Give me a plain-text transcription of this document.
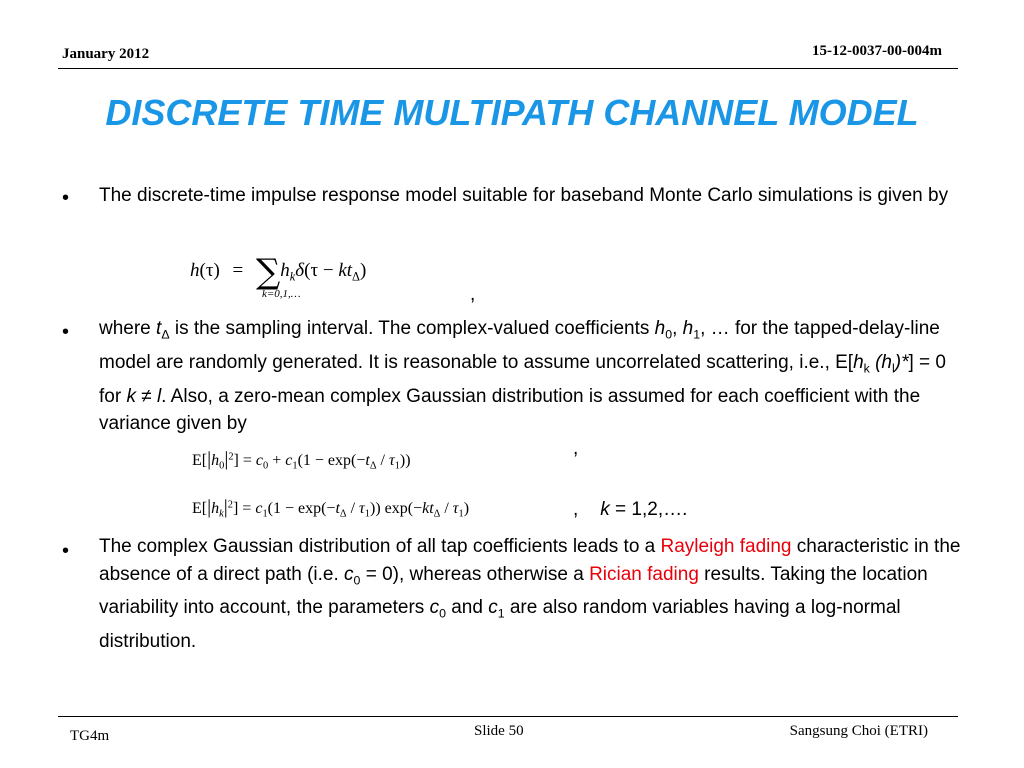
January 2012	15-12-0037-00-004m
DISCRETE TIME MULTIPATH CHANNEL MODEL
• The discrete-time impulse response model suitable for baseband Monte Carlo simulations is given by

$h(\tau) = \sum h_k\delta(\tau - kt_\Delta)$
k=0,1,…	,
• where $t_\Delta$ is the sampling interval. The complex-valued coefficients $h_0$, $h_1$, … for the tapped-delay-line model are randomly generated. It is reasonable to assume uncorrelated scattering, i.e., $E[h_k$ $(h_l)*] = 0$ for k ≠ l. Also, a zero-mean complex Gaussian distribution is assumed for each coefficient with the variance given by

$E[|h_0|^2] = c_0 + c_1(1 - \exp(-t_\Delta / \tau_1))$
,
$E[|h_k|^2] = c_1(1 - \exp(-t_\Delta / \tau_1))$ $\exp(-kt_\Delta / \tau_1)$	, k = 1,2,….
• The complex Gaussian distribution of all tap coefficients leads to a Rayleigh fading characteristic in the absence of a direct path (i.e. $c_0 = 0$), whereas otherwise a Rician fading results. Taking the location variability into account, the parameters $c_0$ and $c_1$ are also random variables having a log-normal distribution.

TG4m	Slide 50	Sangsung Choi (ETRI)
